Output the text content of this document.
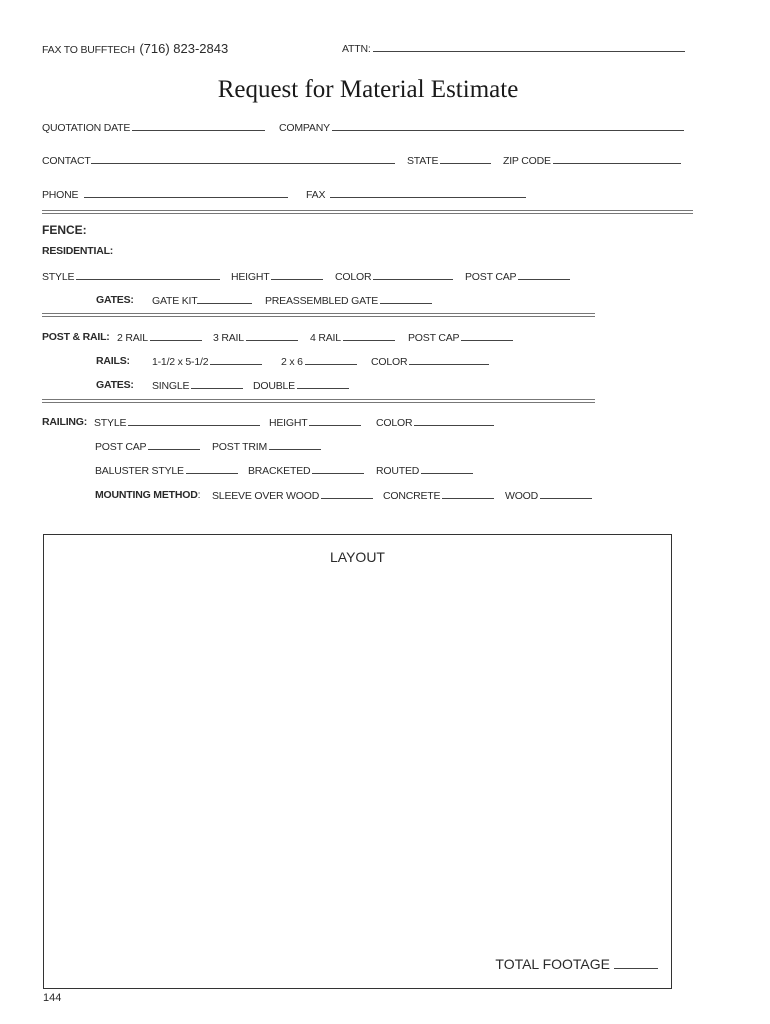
FAX TO BUFFTECH (716) 823-2843	ATTN:
Request for Material Estimate
QUOTATION DATE	COMPANY
CONTACT	STATE	ZIP CODE
PHONE	FAX
FENCE:
RESIDENTIAL:
STYLE	HEIGHT	COLOR	POST CAP
GATES: GATE KIT	PREASSEMBLED GATE
POST & RAIL: 2 RAIL	3 RAIL	4 RAIL	POST CAP
RAILS: 1-1/2 x 5-1/2	2 x 6	COLOR
GATES: SINGLE	DOUBLE
RAILING: STYLE	HEIGHT	COLOR
POST CAP	POST TRIM
BALUSTER STYLE	BRACKETED	ROUTED
MOUNTING METHOD: SLEEVE OVER WOOD	CONCRETE	WOOD
LAYOUT
TOTAL FOOTAGE
144
